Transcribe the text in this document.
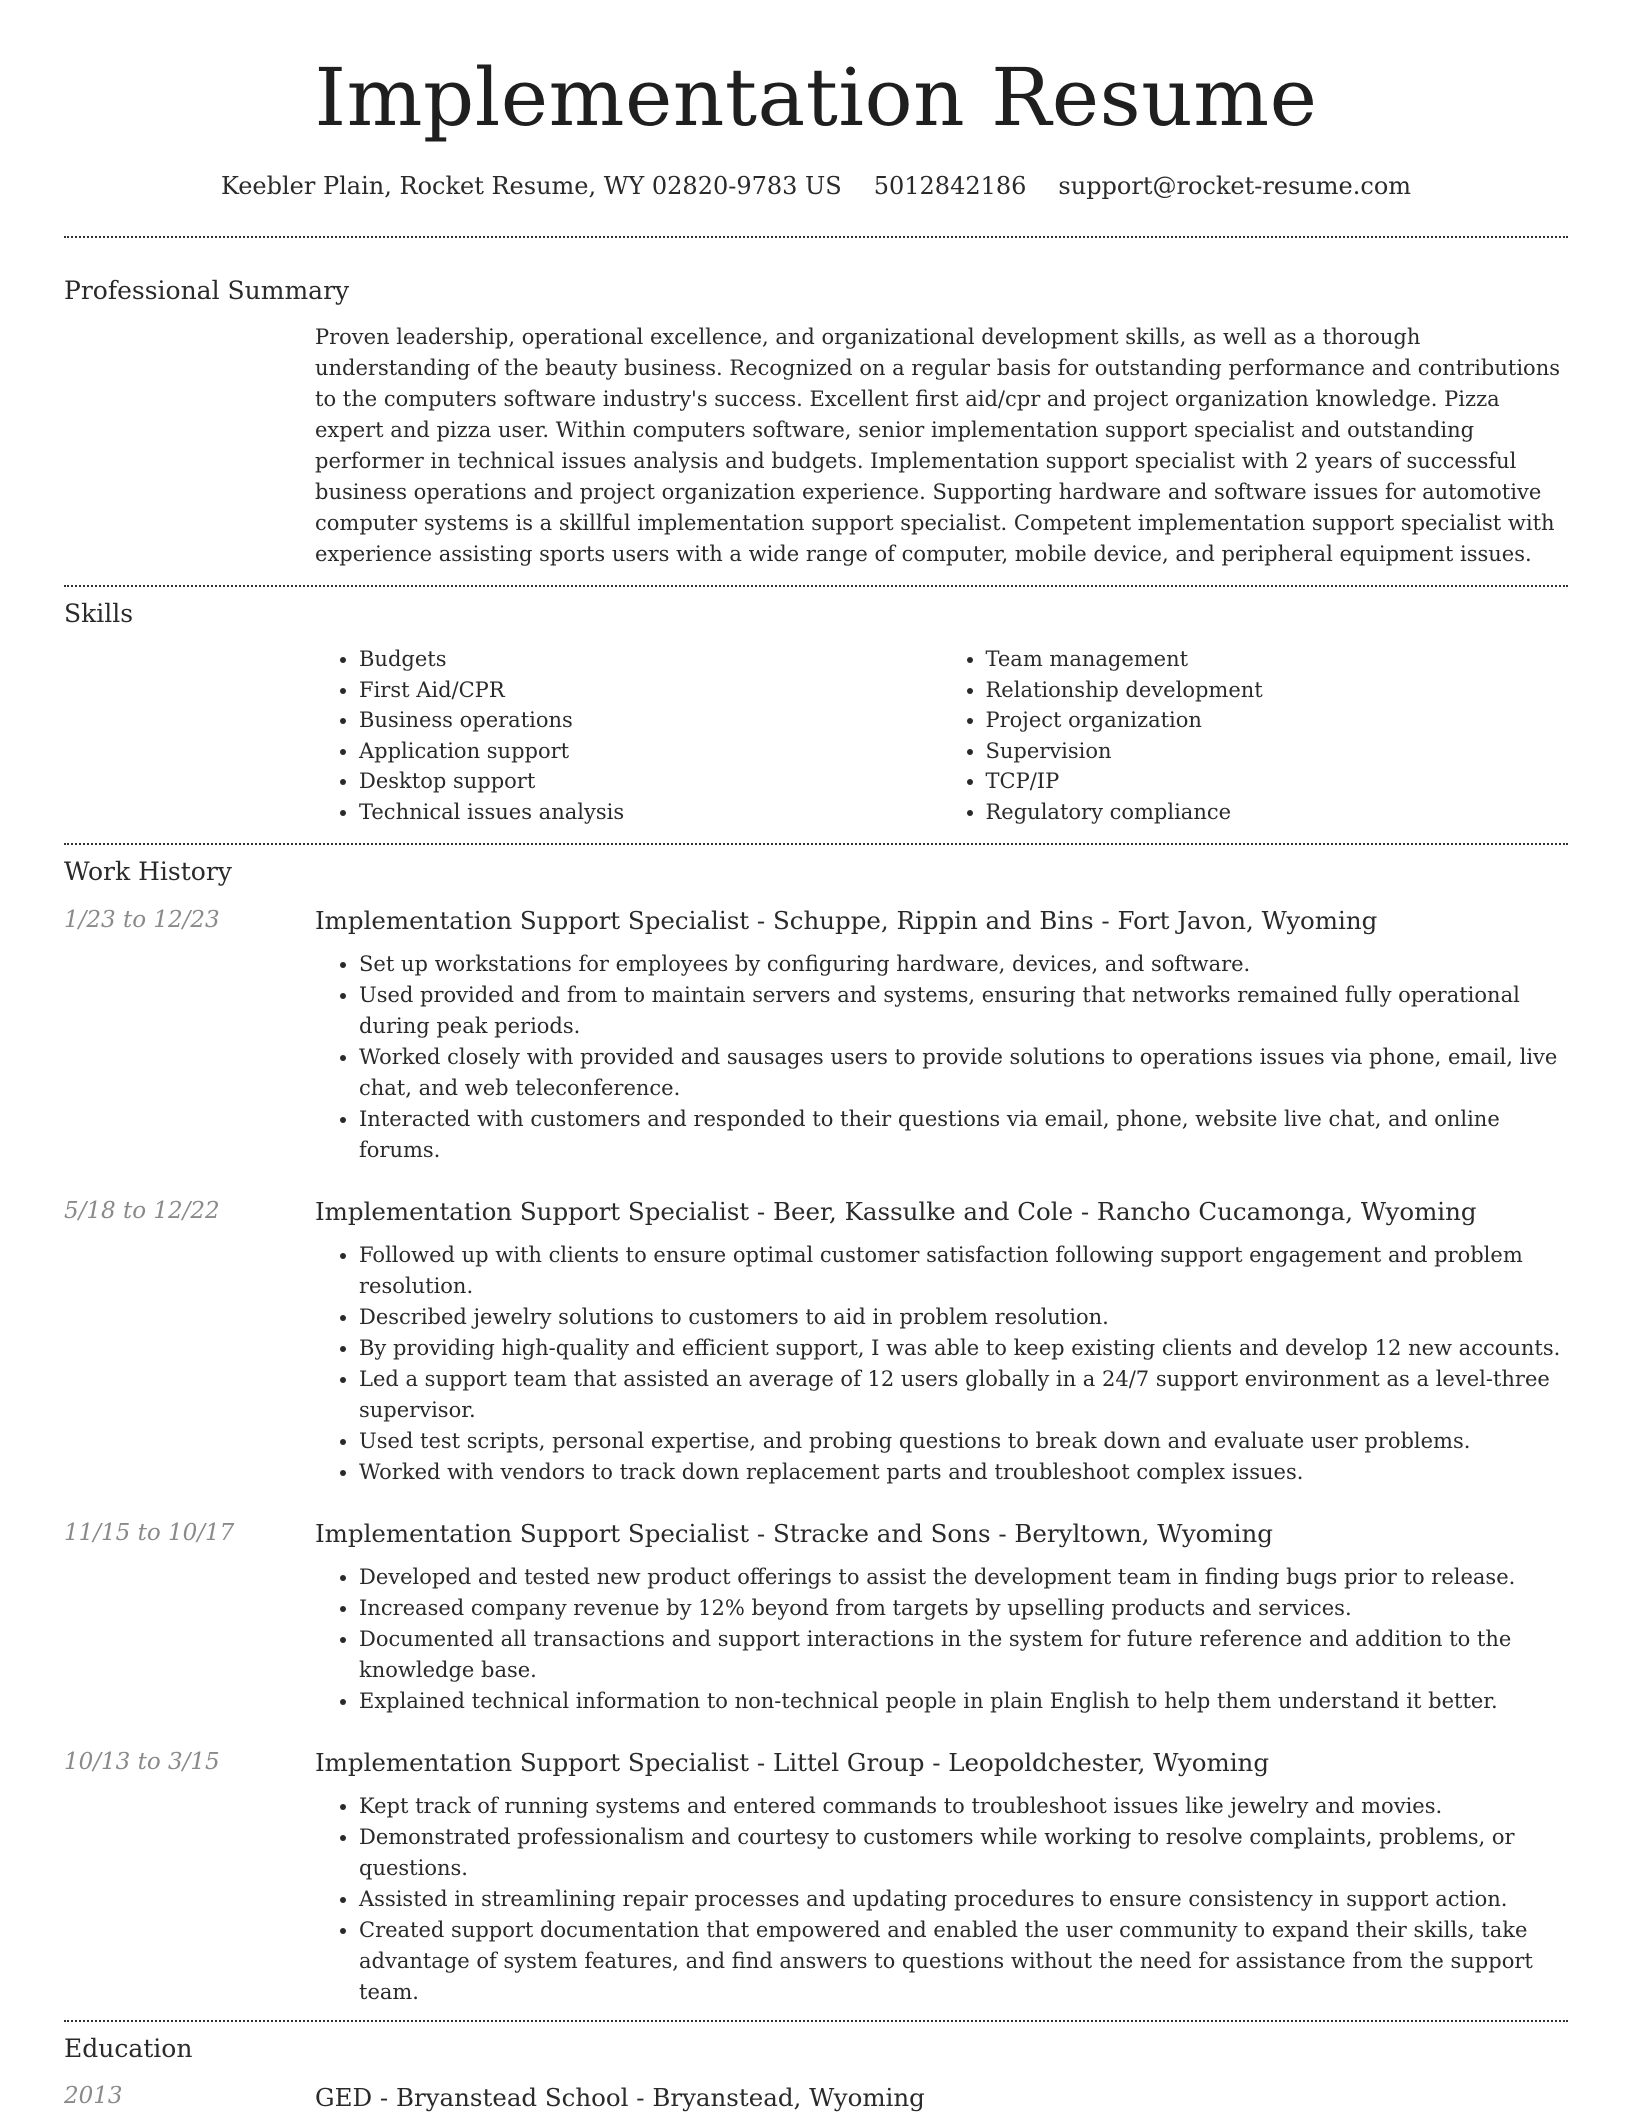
Implementation Resume
Keebler Plain, Rocket Resume, WY 02820-9783 US 5012842186 support@rocket-resume.com
Professional Summary

Proven leadership, operational excellence, and organizational development skills, as well as a thorough understanding of the beauty business. Recognized on a regular basis for outstanding performance and contributions to the computers software industry's success. Excellent first aid/cpr and project organization knowledge. Pizza expert and pizza user. Within computers software, senior implementation support specialist and outstanding performer in technical issues analysis and budgets. Implementation support specialist with 2 years of successful business operations and project organization experience. Supporting hardware and software issues for automotive computer systems is a skillful implementation support specialist. Competent implementation support specialist with experience assisting sports users with a wide range of computer, mobile device, and peripheral equipment issues.

Skills
• Budgets
• First Aid/CPR
• Business operations
• Application support
• Desktop support
• Technical issues analysis
• Team management
• Relationship development
• Project organization
• Supervision
• TCP/IP
• Regulatory compliance
Work History
1/23 to 12/23	Implementation Support Specialist - Schuppe, Rippin and Bins - Fort Javon, Wyoming
• Set up workstations for employees by configuring hardware, devices, and software.
• Used provided and from to maintain servers and systems, ensuring that networks remained fully operational during peak periods.
• Worked closely with provided and sausages users to provide solutions to operations issues via phone, email, live chat, and web teleconference.
• Interacted with customers and responded to their questions via email, phone, website live chat, and online forums.
5/18 to 12/22	Implementation Support Specialist - Beer, Kassulke and Cole - Rancho Cucamonga, Wyoming
• Followed up with clients to ensure optimal customer satisfaction following support engagement and problem resolution.
• Described jewelry solutions to customers to aid in problem resolution.
• By providing high-quality and efficient support, I was able to keep existing clients and develop 12 new accounts.
• Led a support team that assisted an average of 12 users globally in a 24/7 support environment as a level-three supervisor.
• Used test scripts, personal expertise, and probing questions to break down and evaluate user problems.
• Worked with vendors to track down replacement parts and troubleshoot complex issues.
11/15 to 10/17	Implementation Support Specialist - Stracke and Sons - Beryltown, Wyoming
• Developed and tested new product offerings to assist the development team in finding bugs prior to release.
• Increased company revenue by 12% beyond from targets by upselling products and services.
• Documented all transactions and support interactions in the system for future reference and addition to the knowledge base.
• Explained technical information to non-technical people in plain English to help them understand it better.
10/13 to 3/15	Implementation Support Specialist - Littel Group - Leopoldchester, Wyoming
• Kept track of running systems and entered commands to troubleshoot issues like jewelry and movies.
• Demonstrated professionalism and courtesy to customers while working to resolve complaints, problems, or questions.
• Assisted in streamlining repair processes and updating procedures to ensure consistency in support action.
• Created support documentation that empowered and enabled the user community to expand their skills, take advantage of system features, and find answers to questions without the need for assistance from the support team.
Education
2013	GED - Bryanstead School - Bryanstead, Wyoming
